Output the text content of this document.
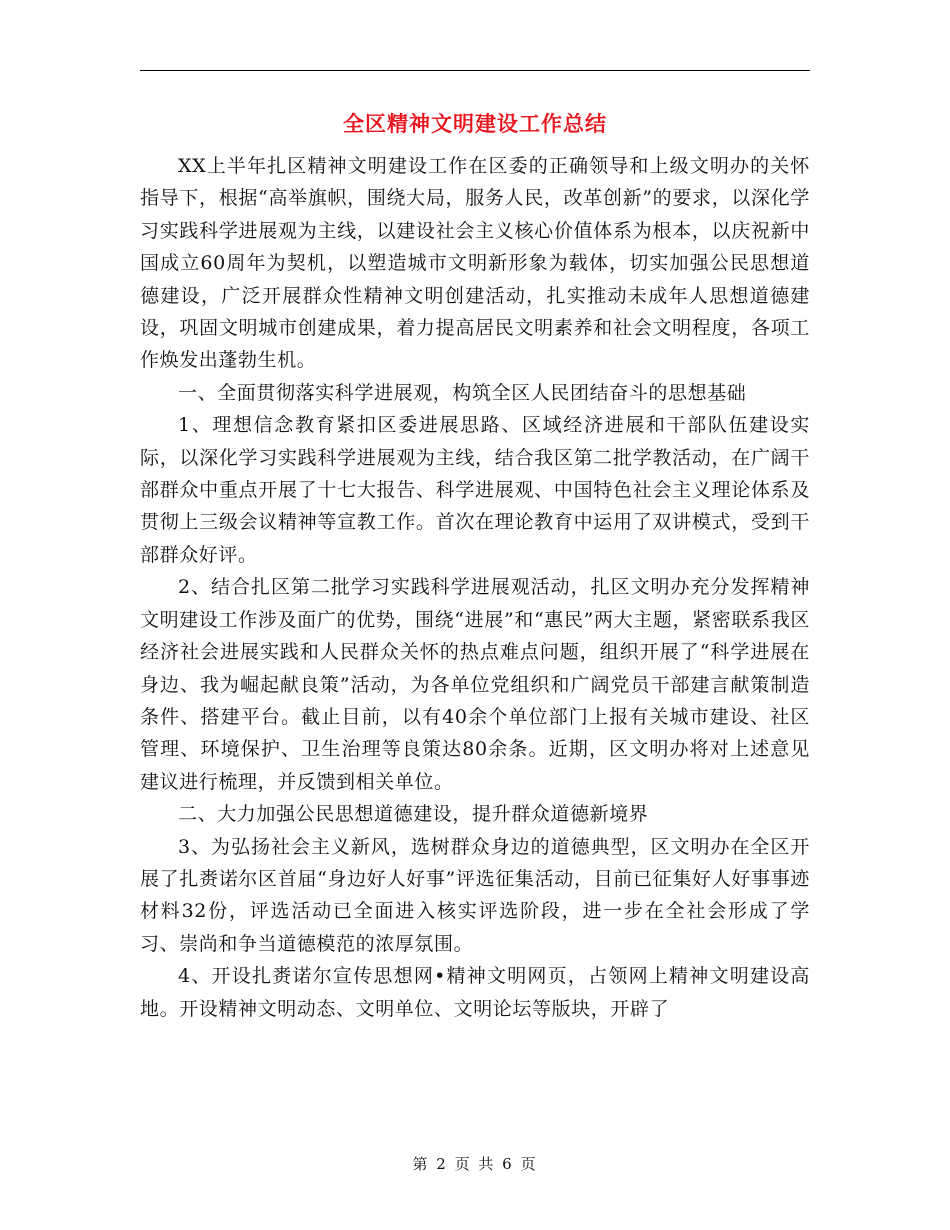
全区精神文明建设工作总结

XX上半年扎区精神文明建设工作在区委的正确领导和上级文明办的关怀指导下，根据“高举旗帜，围绕大局，服务人民，改革创新”的要求，以深化学习实践科学进展观为主线，以建设社会主义核心价值体系为根本，以庆祝新中国成立60周年为契机，以塑造城市文明新形象为载体，切实加强公民思想道德建设，广泛开展群众性精神文明创建活动，扎实推动未成年人思想道德建设，巩固文明城市创建成果，着力提高居民文明素养和社会文明程度，各项工作焕发出蓬勃生机。

一、全面贯彻落实科学进展观，构筑全区人民团结奋斗的思想基础

1、理想信念教育紧扣区委进展思路、区域经济进展和干部队伍建设实际，以深化学习实践科学进展观为主线，结合我区第二批学教活动，在广阔干部群众中重点开展了十七大报告、科学进展观、中国特色社会主义理论体系及贯彻上三级会议精神等宣教工作。首次在理论教育中运用了双讲模式，受到干部群众好评。

2、结合扎区第二批学习实践科学进展观活动，扎区文明办充分发挥精神文明建设工作涉及面广的优势，围绕“进展”和“惠民”两大主题，紧密联系我区经济社会进展实践和人民群众关怀的热点难点问题，组织开展了“科学进展在身边、我为崛起献良策”活动，为各单位党组织和广阔党员干部建言献策制造条件、搭建平台。截止目前，以有40余个单位部门上报有关城市建设、社区管理、环境保护、卫生治理等良策达80余条。近期，区文明办将对上述意见建议进行梳理，并反馈到相关单位。

二、大力加强公民思想道德建设，提升群众道德新境界

3、为弘扬社会主义新风，选树群众身边的道德典型，区文明办在全区开展了扎赉诺尔区首届“身边好人好事”评选征集活动，目前已征集好人好事事迹材料32份，评选活动已全面进入核实评选阶段，进一步在全社会形成了学习、崇尚和争当道德模范的浓厚氛围。

4、开设扎赉诺尔宣传思想网•精神文明网页，占领网上精神文明建设高地。开设精神文明动态、文明单位、文明论坛等版块，开辟了

第 2 页 共 6 页
